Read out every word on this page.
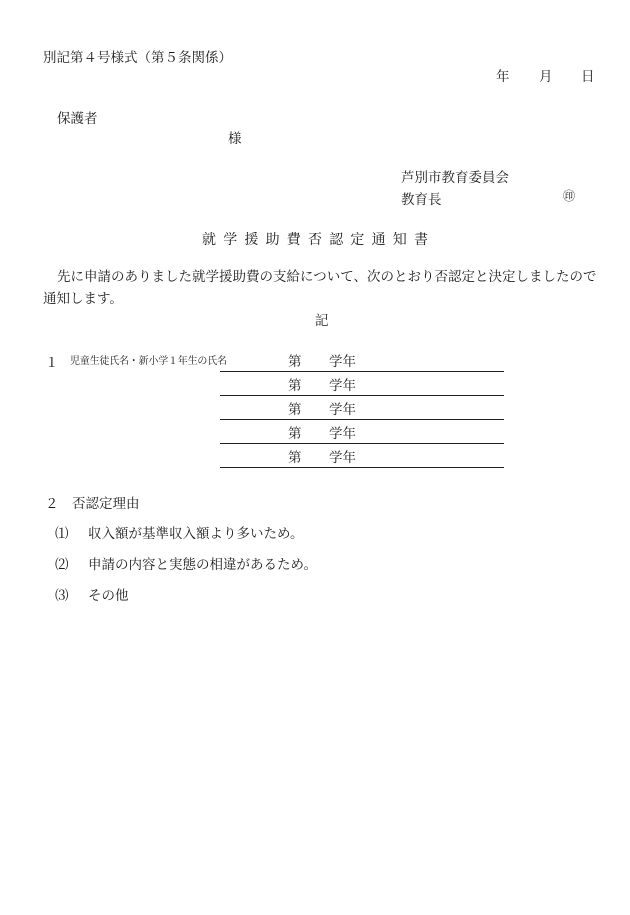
別記第４号様式（第５条関係）
年 月 日
保護者
様
芦別市教育委員会
教育長	㊞
就学援助費否認定通知書
先に申請のありました就学援助費の支給について、次のとおり否認定と決定しましたので通知します。
記
１ 児童生徒氏名・新小学１年生の氏名	第 学年
第 学年
第 学年
第 学年
第 学年
２ 否認定理由
⑴ 収入額が基準収入額より多いため。
⑵ 申請の内容と実態の相違があるため。
⑶ その他
